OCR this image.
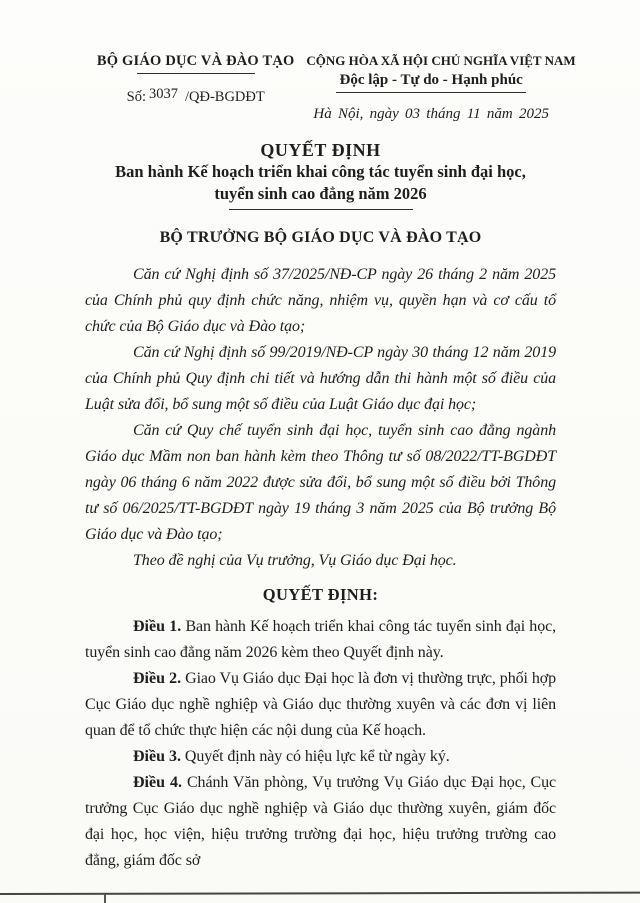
BỘ GIÁO DỤC VÀ ĐÀO TẠO
Số: 3037 /QĐ-BGDĐT
CỘNG HÒA XÃ HỘI CHỦ NGHĨA VIỆT NAM
Độc lập - Tự do - Hạnh phúc
Hà Nội, ngày 03 tháng 11 năm 2025
QUYẾT ĐỊNH
Ban hành Kế hoạch triển khai công tác tuyển sinh đại học,
tuyển sinh cao đẳng năm 2026
BỘ TRƯỞNG BỘ GIÁO DỤC VÀ ĐÀO TẠO

Căn cứ Nghị định số 37/2025/NĐ-CP ngày 26 tháng 2 năm 2025 của Chính phủ quy định chức năng, nhiệm vụ, quyền hạn và cơ cấu tổ chức của Bộ Giáo dục và Đào tạo;

Căn cứ Nghị định số 99/2019/NĐ-CP ngày 30 tháng 12 năm 2019 của Chính phủ Quy định chi tiết và hướng dẫn thi hành một số điều của Luật sửa đổi, bổ sung một số điều của Luật Giáo dục đại học;

Căn cứ Quy chế tuyển sinh đại học, tuyển sinh cao đẳng ngành Giáo dục Mầm non ban hành kèm theo Thông tư số 08/2022/TT-BGDĐT ngày 06 tháng 6 năm 2022 được sửa đổi, bổ sung một số điều bởi Thông tư số 06/2025/TT-BGDĐT ngày 19 tháng 3 năm 2025 của Bộ trưởng Bộ Giáo dục và Đào tạo;

Theo đề nghị của Vụ trưởng, Vụ Giáo dục Đại học.

QUYẾT ĐỊNH:

Điều 1. Ban hành Kế hoạch triển khai công tác tuyển sinh đại học, tuyển sinh cao đẳng năm 2026 kèm theo Quyết định này.

Điều 2. Giao Vụ Giáo dục Đại học là đơn vị thường trực, phối hợp Cục Giáo dục nghề nghiệp và Giáo dục thường xuyên và các đơn vị liên quan để tổ chức thực hiện các nội dung của Kế hoạch.

Điều 3. Quyết định này có hiệu lực kể từ ngày ký.

Điều 4. Chánh Văn phòng, Vụ trưởng Vụ Giáo dục Đại học, Cục trưởng Cục Giáo dục nghề nghiệp và Giáo dục thường xuyên, giám đốc đại học, học viện, hiệu trưởng trường đại học, hiệu trưởng trường cao đẳng, giám đốc sở
